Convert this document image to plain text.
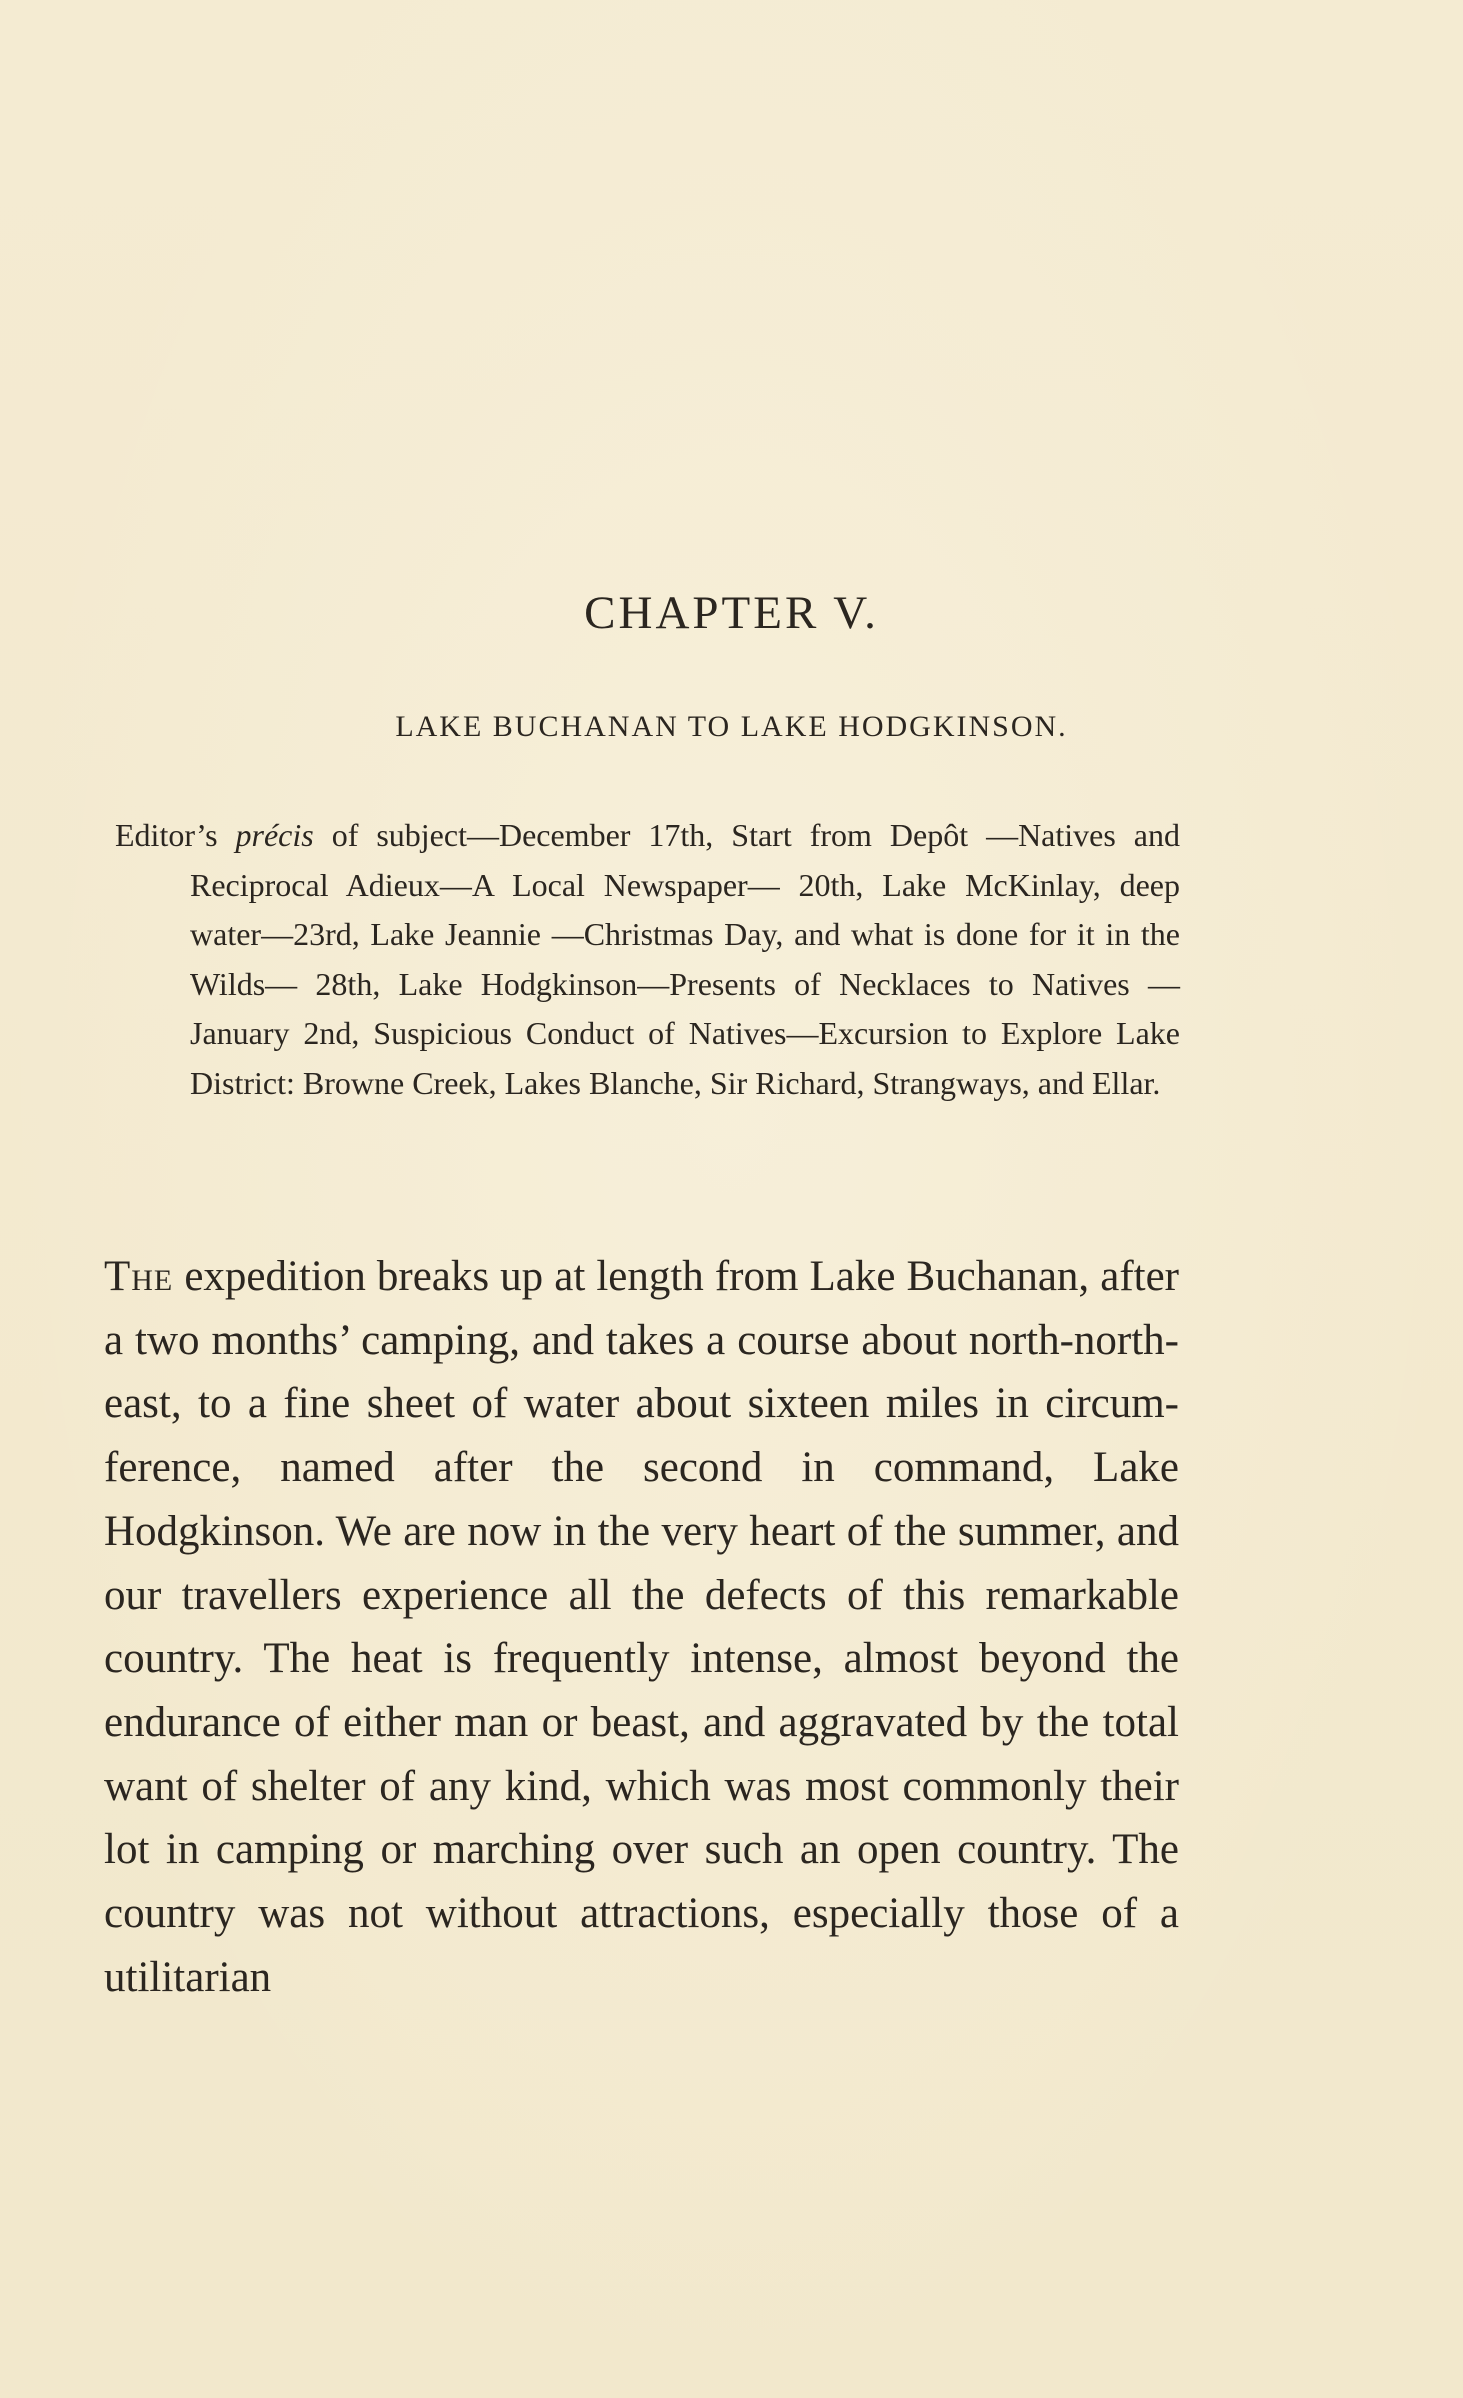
CHAPTER V.
LAKE BUCHANAN TO LAKE HODGKINSON.

Editor’s précis of subject—December 17th, Start from Depôt —Natives and Reciprocal Adieux—A Local Newspaper— 20th, Lake McKinlay, deep water—23rd, Lake Jeannie —Christmas Day, and what is done for it in the Wilds— 28th, Lake Hodgkinson—Presents of Necklaces to Natives —January 2nd, Suspicious Conduct of Natives—Excursion to Explore Lake District: Browne Creek, Lakes Blanche, Sir Richard, Strangways, and Ellar.

The expedition breaks up at length from Lake Buchanan, after a two months’ camping, and takes a course about north-north-east, to a fine sheet of water about sixteen miles in circumference, named after the second in command, Lake Hodgkinson. We are now in the very heart of the summer, and our travellers experience all the defects of this remarkable country. The heat is frequently intense, almost beyond the endurance of either man or beast, and aggravated by the total want of shelter of any kind, which was most commonly their lot in camping or marching over such an open country. The country was not without attractions, especially those of a utilitarian
